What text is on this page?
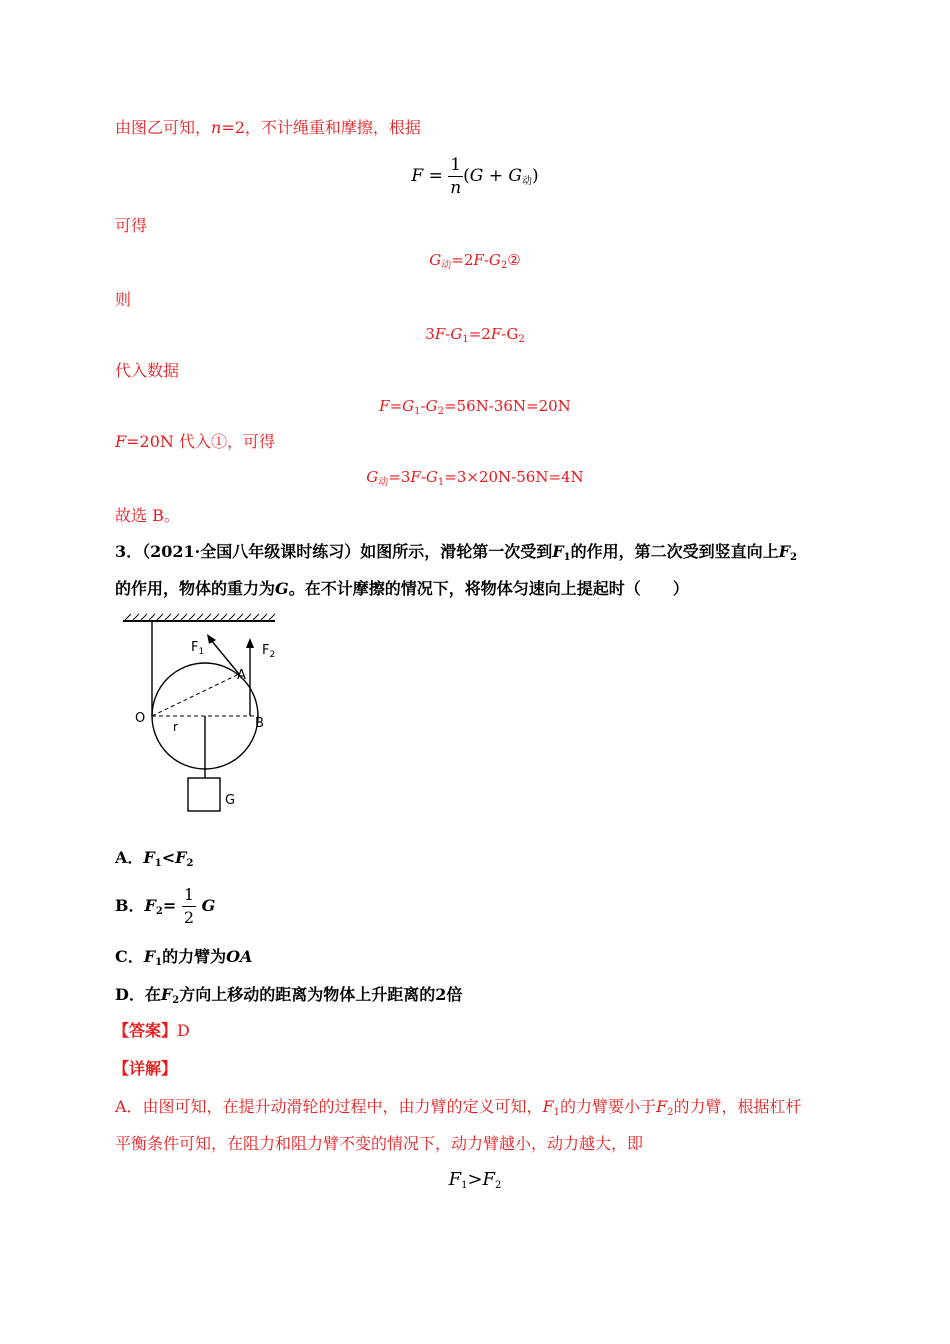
由图乙可知，n=2，不计绳重和摩擦，根据
$F = \frac{1}{n} (G + G_动)$
可得
$G_动=2F-G_2②$
则
$3F-G_1=2F-G_2$
代入数据
$F=G_1-G_2=56N-36N=20N$
F=20N 代入①，可得
$G_动=3F-G_1=3\times 20N-56N=4N$
故选 B。
3．（2021·全国八年级课时练习）如图所示，滑轮第一次受到$F_1$的作用，第二次受到竖直向上$F_2$
的作用，物体的重力为G。在不计摩擦的情况下，将物体匀速向上提起时（　　）
$F_1$	$F_2$
A
O	B
r
G
A．$F_1<F_2$
B．$F_2= \frac{1}{2}$ G
C．$F_1$的力臂为OA
D．在$F_2$方向上移动的距离为物体上升距离的2倍
【答案】D
【详解】
A．由图可知，在提升动滑轮的过程中，由力臂的定义可知，$F_1$的力臂要小于$F_2$的力臂，根据杠杆
平衡条件可知，在阻力和阻力臂不变的情况下，动力臂越小，动力越大，即
$F_1>F_2$
